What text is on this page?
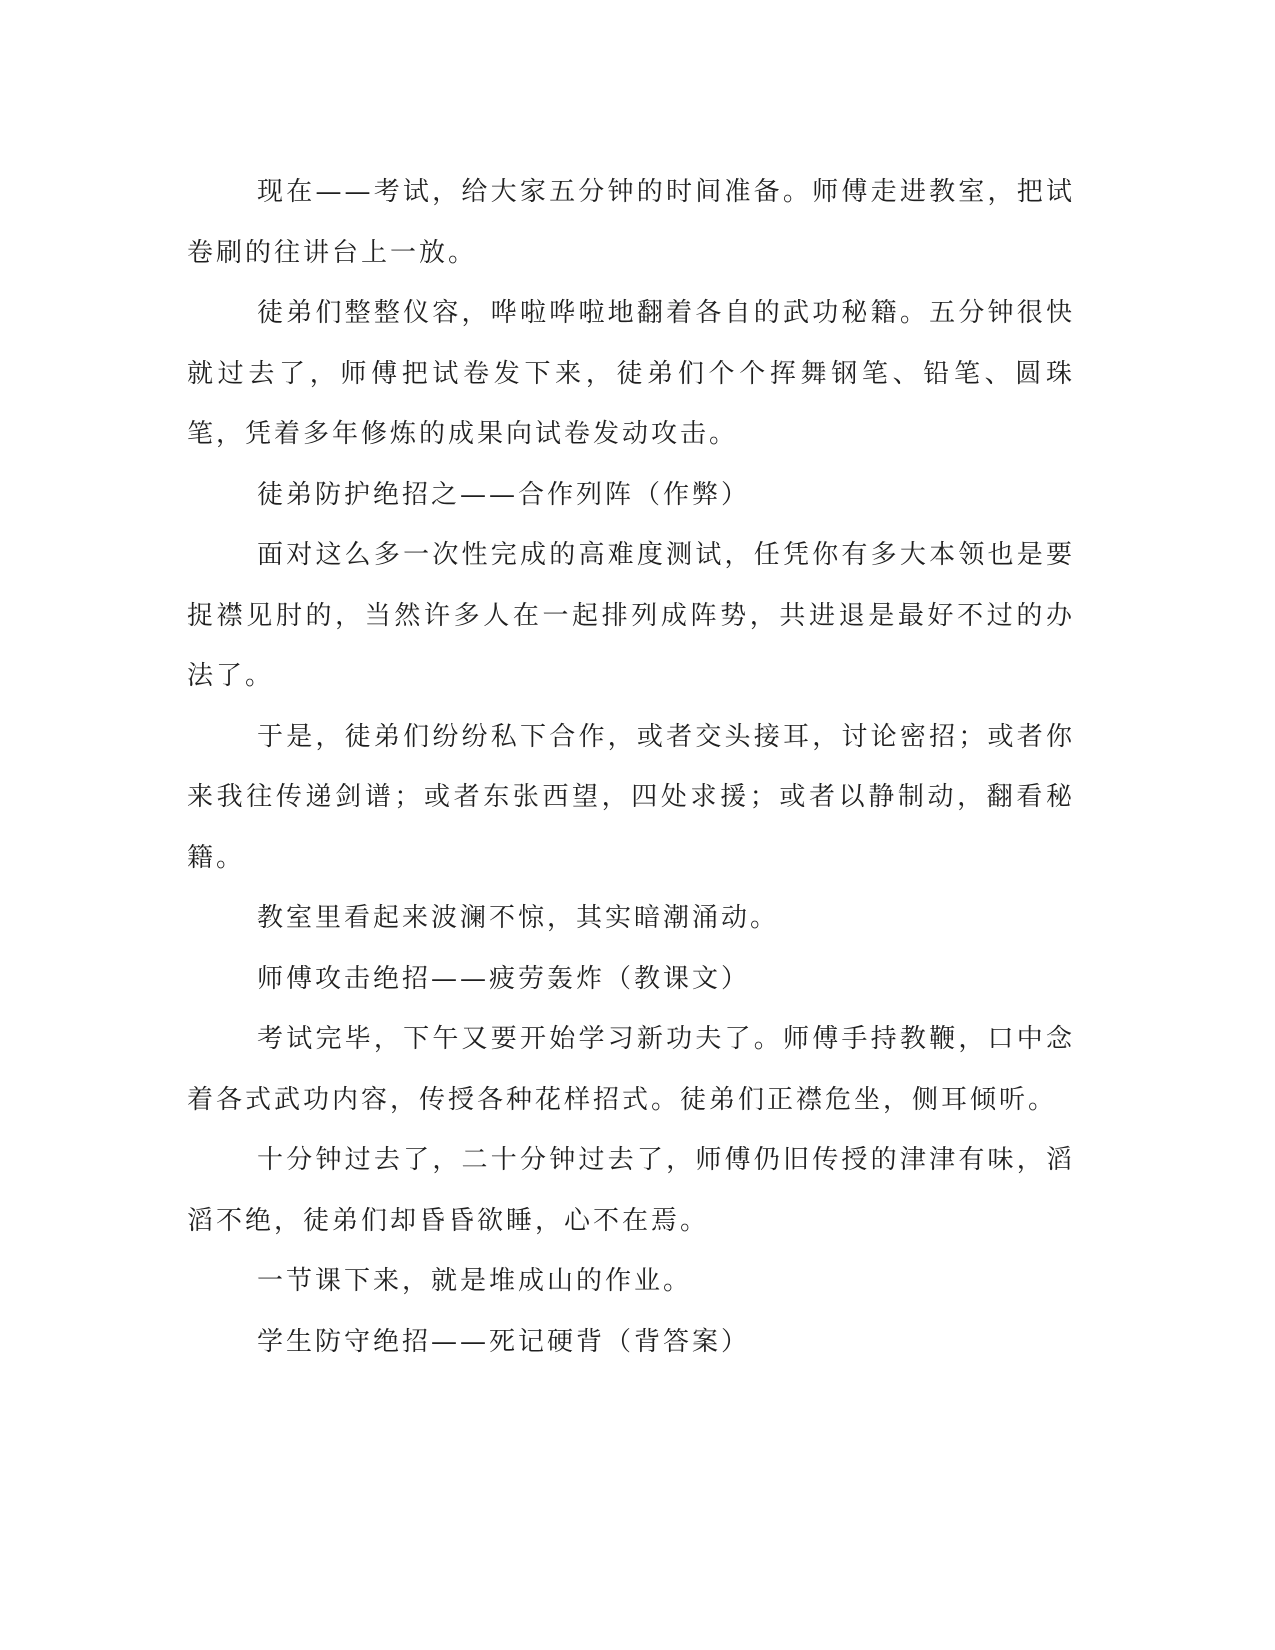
现在——考试，给大家五分钟的时间准备。师傅走进教室，把试卷刷的往讲台上一放。

徒弟们整整仪容，哗啦哗啦地翻着各自的武功秘籍。五分钟很快就过去了，师傅把试卷发下来，徒弟们个个挥舞钢笔、铅笔、圆珠笔，凭着多年修炼的成果向试卷发动攻击。

徒弟防护绝招之——合作列阵（作弊）

面对这么多一次性完成的高难度测试，任凭你有多大本领也是要捉襟见肘的，当然许多人在一起排列成阵势，共进退是最好不过的办法了。

于是，徒弟们纷纷私下合作，或者交头接耳，讨论密招；或者你来我往传递剑谱；或者东张西望，四处求援；或者以静制动，翻看秘籍。

教室里看起来波澜不惊，其实暗潮涌动。

师傅攻击绝招——疲劳轰炸（教课文）

考试完毕，下午又要开始学习新功夫了。师傅手持教鞭，口中念着各式武功内容，传授各种花样招式。徒弟们正襟危坐，侧耳倾听。

十分钟过去了，二十分钟过去了，师傅仍旧传授的津津有味，滔滔不绝，徒弟们却昏昏欲睡，心不在焉。

一节课下来，就是堆成山的作业。

学生防守绝招——死记硬背（背答案）
